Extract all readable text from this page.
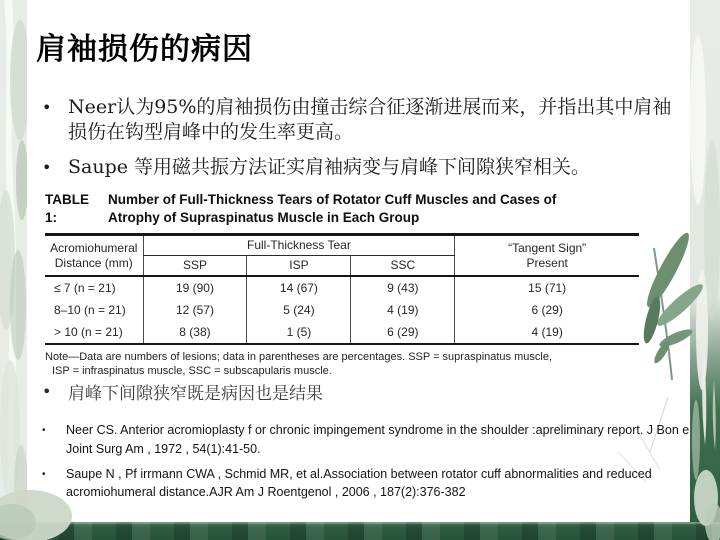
肩袖损伤的病因
• Neer认为95%的肩袖损伤由撞击综合征逐渐进展而来，并指出其中肩袖损伤在钩型肩峰中的发生率更高。
• Saupe 等用磁共振方法证实肩袖病变与肩峰下间隙狭窄相关。
TABLE 1:
Number of Full-Thickness Tears of Rotator Cuff Muscles and Cases of
Atrophy of Supraspinatus Muscle in Each Group
Acromiohumeral
Distance (mm)	Full-Thickness Tear			“Tangent Sign”
Present

	SSP	ISP	SSC	
≤ 7 (n = 21)	19 (90)	14 (67)	9 (43)	15 (71)
8–10 (n = 21)	12 (57)	5 (24)	4 (19)	6 (29)
> 10 (n = 21)	8 (38)	1 (5)	6 (29)	4 (19)
Note—Data are numbers of lesions; data in parentheses are percentages. SSP = supraspinatus muscle,
ISP = infraspinatus muscle, SSC = subscapularis muscle.
• 肩峰下间隙狭窄既是病因也是结果
•	Neer CS. Anterior acromioplasty f or chronic impingement syndrome in the shoulder :apreliminary report. J Bon e Joint Surg Am , 1972 , 54(1):41-50.
•	Saupe N , Pf irrmann CWA , Schmid MR, et al.Association between rotator cuff abnormalities and reduced acromiohumeral distance.AJR Am J Roentgenol , 2006 , 187(2):376-382
